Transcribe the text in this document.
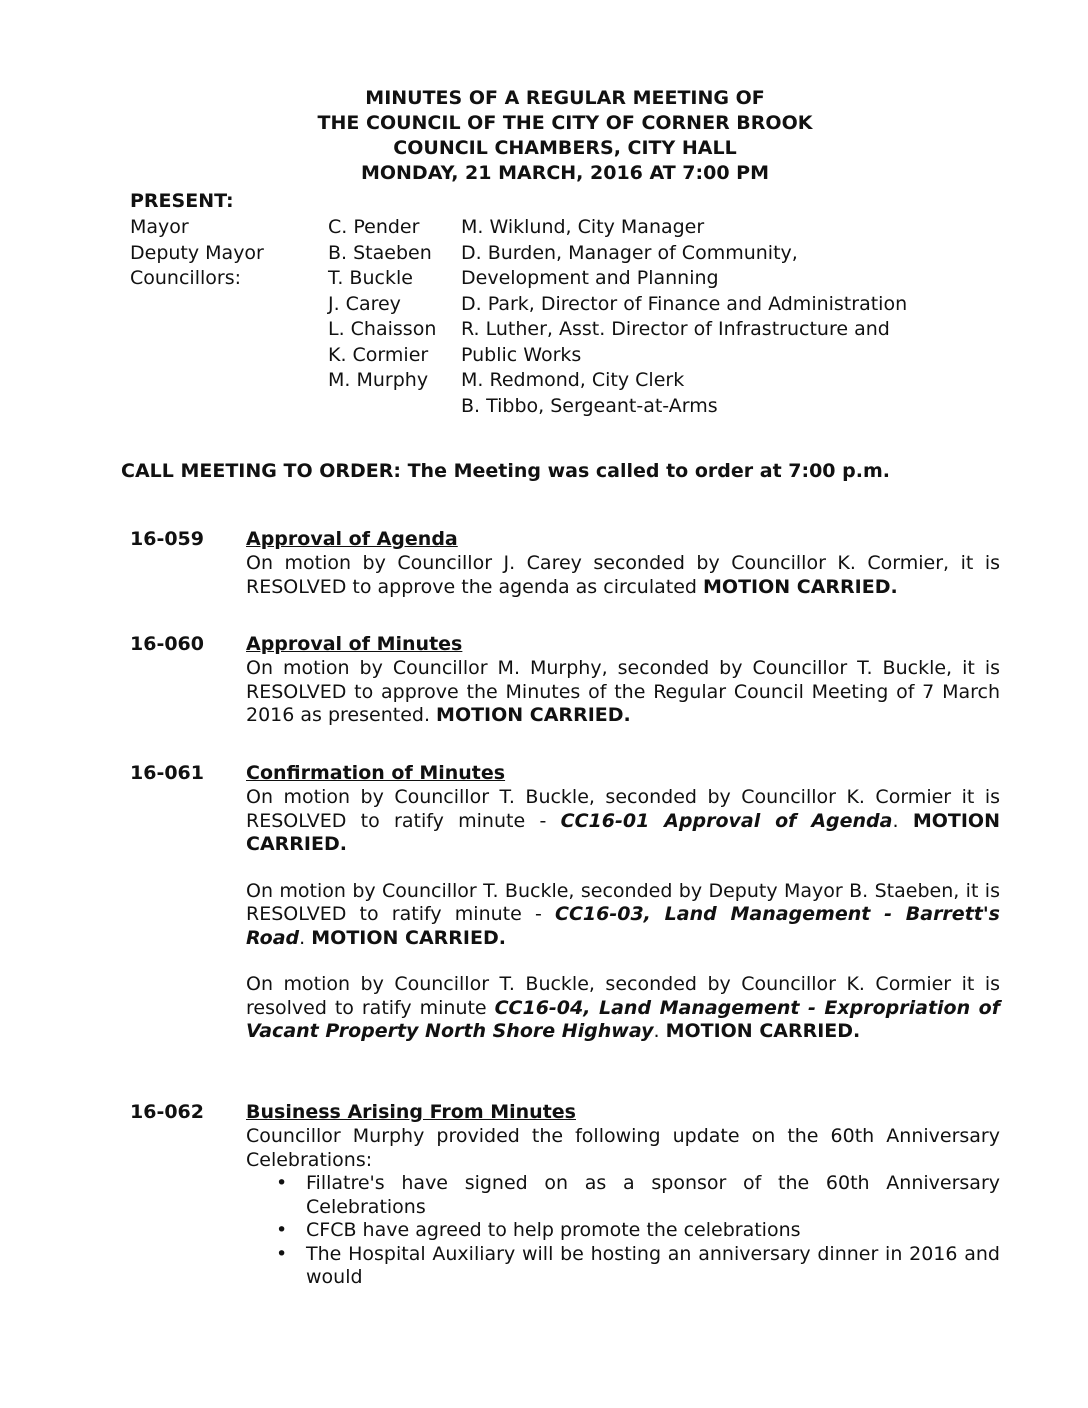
MINUTES OF A REGULAR MEETING OF
THE COUNCIL OF THE CITY OF CORNER BROOK
COUNCIL CHAMBERS, CITY HALL
MONDAY, 21 MARCH, 2016 AT 7:00 PM
PRESENT:
Mayor
Deputy Mayor
Councillors:
C. Pender
B. Staeben
T. Buckle
J. Carey
L. Chaisson
K. Cormier
M. Murphy
M. Wiklund, City Manager
D. Burden, Manager of Community,
Development and Planning
D. Park, Director of Finance and Administration
R. Luther, Asst. Director of Infrastructure and
Public Works
M. Redmond, City Clerk
B. Tibbo, Sergeant-at-Arms
CALL MEETING TO ORDER: The Meeting was called to order at 7:00 p.m.
16-059 Approval of Agenda

On motion by Councillor J. Carey seconded by Councillor K. Cormier, it is RESOLVED to approve the agenda as circulated MOTION CARRIED.

16-060 Approval of Minutes

On motion by Councillor M. Murphy, seconded by Councillor T. Buckle, it is RESOLVED to approve the Minutes of the Regular Council Meeting of 7 March 2016 as presented. MOTION CARRIED.

16-061 Confirmation of Minutes

On motion by Councillor T. Buckle, seconded by Councillor K. Cormier it is RESOLVED to ratify minute - CC16-01 Approval of Agenda. MOTION CARRIED.

On motion by Councillor T. Buckle, seconded by Deputy Mayor B. Staeben, it is RESOLVED to ratify minute - CC16-03, Land Management - Barrett's Road. MOTION CARRIED.

On motion by Councillor T. Buckle, seconded by Councillor K. Cormier it is resolved to ratify minute CC16-04, Land Management - Expropriation of Vacant Property North Shore Highway. MOTION CARRIED.

16-062 Business Arising From Minutes

Councillor Murphy provided the following update on the 60th Anniversary Celebrations:

• Fillatre's have signed on as a sponsor of the 60th Anniversary Celebrations
• CFCB have agreed to help promote the celebrations
• The Hospital Auxiliary will be hosting an anniversary dinner in 2016 and would
